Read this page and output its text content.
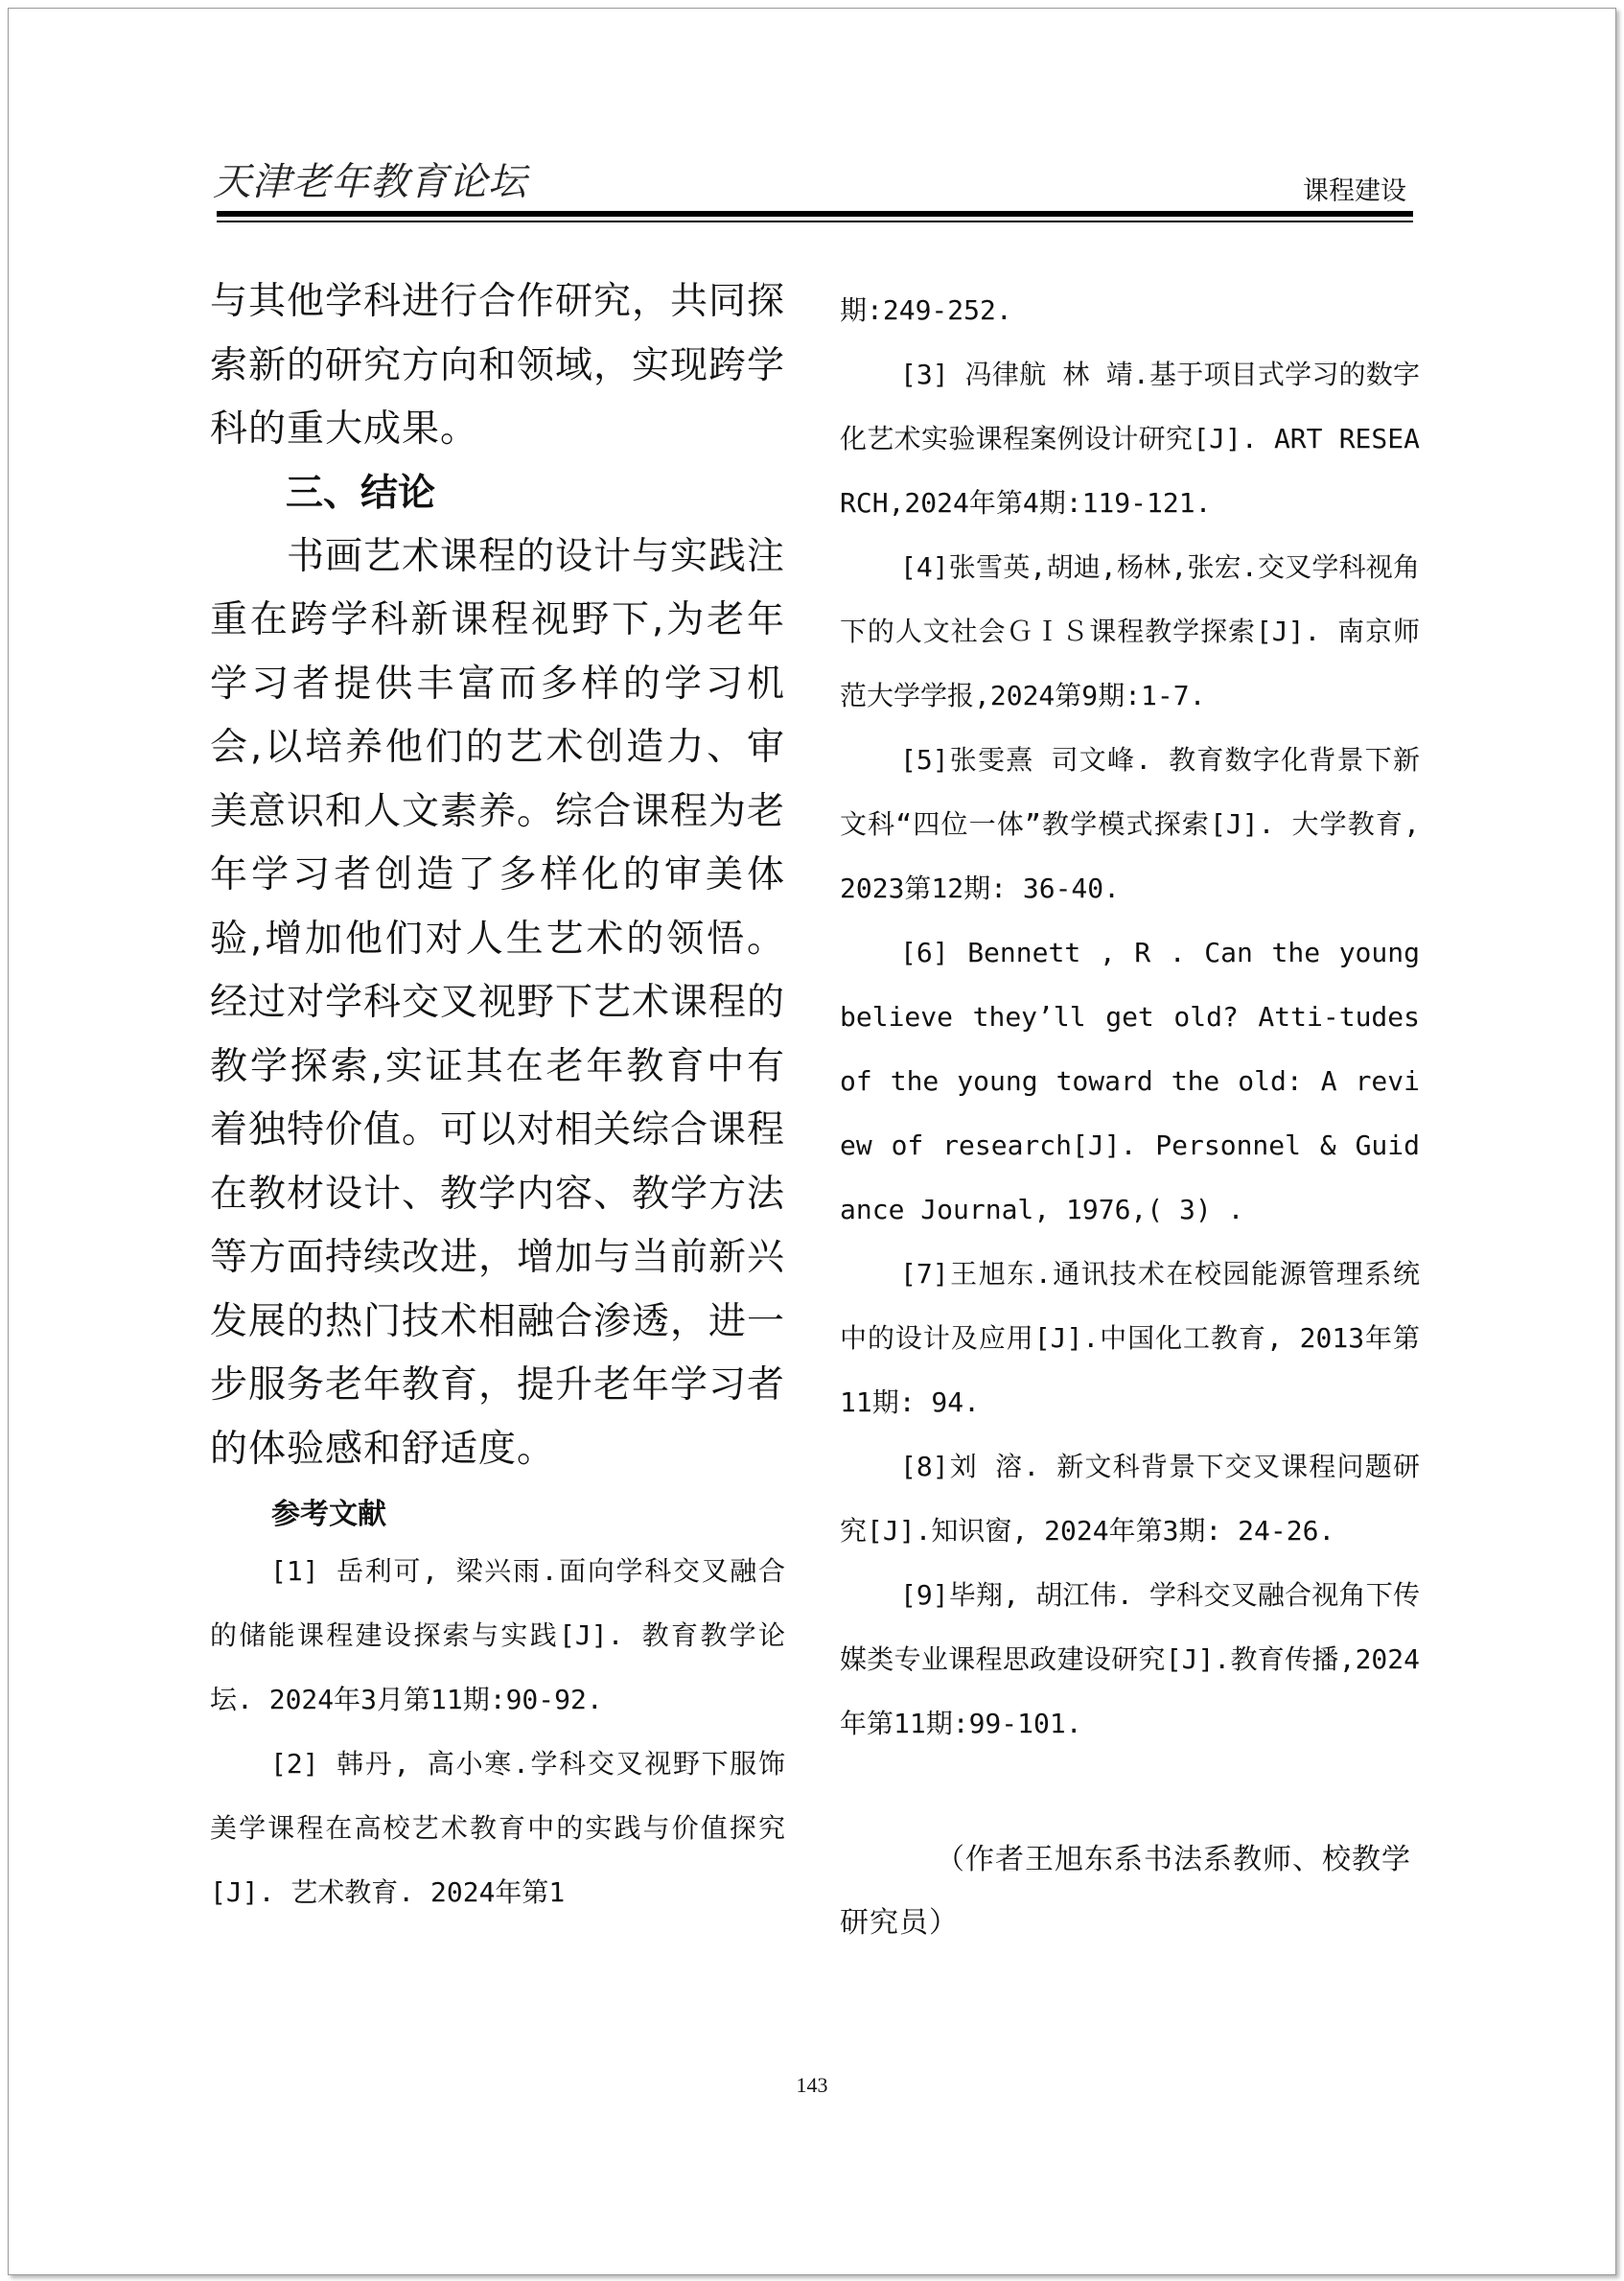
天津老年教育论坛	课程建设

与其他学科进行合作研究，共同探索新的研究方向和领域，实现跨学科的重大成果。

三、结论

书画艺术课程的设计与实践注重在跨学科新课程视野下,为老年学习者提供丰富而多样的学习机会,以培养他们的艺术创造力、审美意识和人文素养。综合课程为老年学习者创造了多样化的审美体验,增加他们对人生艺术的领悟。经过对学科交叉视野下艺术课程的教学探索,实证其在老年教育中有着独特价值。可以对相关综合课程在教材设计、教学内容、教学方法等方面持续改进，增加与当前新兴发展的热门技术相融合渗透，进一步服务老年教育，提升老年学习者的体验感和舒适度。

参考文献

[1] 岳利可, 梁兴雨.面向学科交叉融合的储能课程建设探索与实践[J]. 教育教学论坛. 2024年3月第11期:90-92.

[2] 韩丹, 高小寒.学科交叉视野下服饰美学课程在高校艺术教育中的实践与价值探究[J]. 艺术教育. 2024年第1

期:249-252.

[3] 冯律航 林 靖.基于项目式学习的数字化艺术实验课程案例设计研究[J]. ART RESEARCH,2024年第4期:119-121.

[4]张雪英,胡迪,杨林,张宏.交叉学科视角下的人文社会ＧＩＳ课程教学探索[J]. 南京师范大学学报,2024第9期:1-7.

[5]张雯熹 司文峰. 教育数字化背景下新文科“四位一体”教学模式探索[J]. 大学教育, 2023第12期: 36-40.

[6] Bennett , R . Can the young believe they’ll get old? Atti-tudes of the young toward the old: A review of research[J]. Personnel & Guidance Journal, 1976,( 3) .

[7]王旭东.通讯技术在校园能源管理系统中的设计及应用[J].中国化工教育, 2013年第11期: 94.

[8]刘 溶. 新文科背景下交叉课程问题研究[J].知识窗, 2024年第3期: 24-26.

[9]毕翔, 胡江伟. 学科交叉融合视角下传媒类专业课程思政建设研究[J].教育传播,2024年第11期:99-101.

（作者王旭东系书法系教师、校教学研究员）

143
